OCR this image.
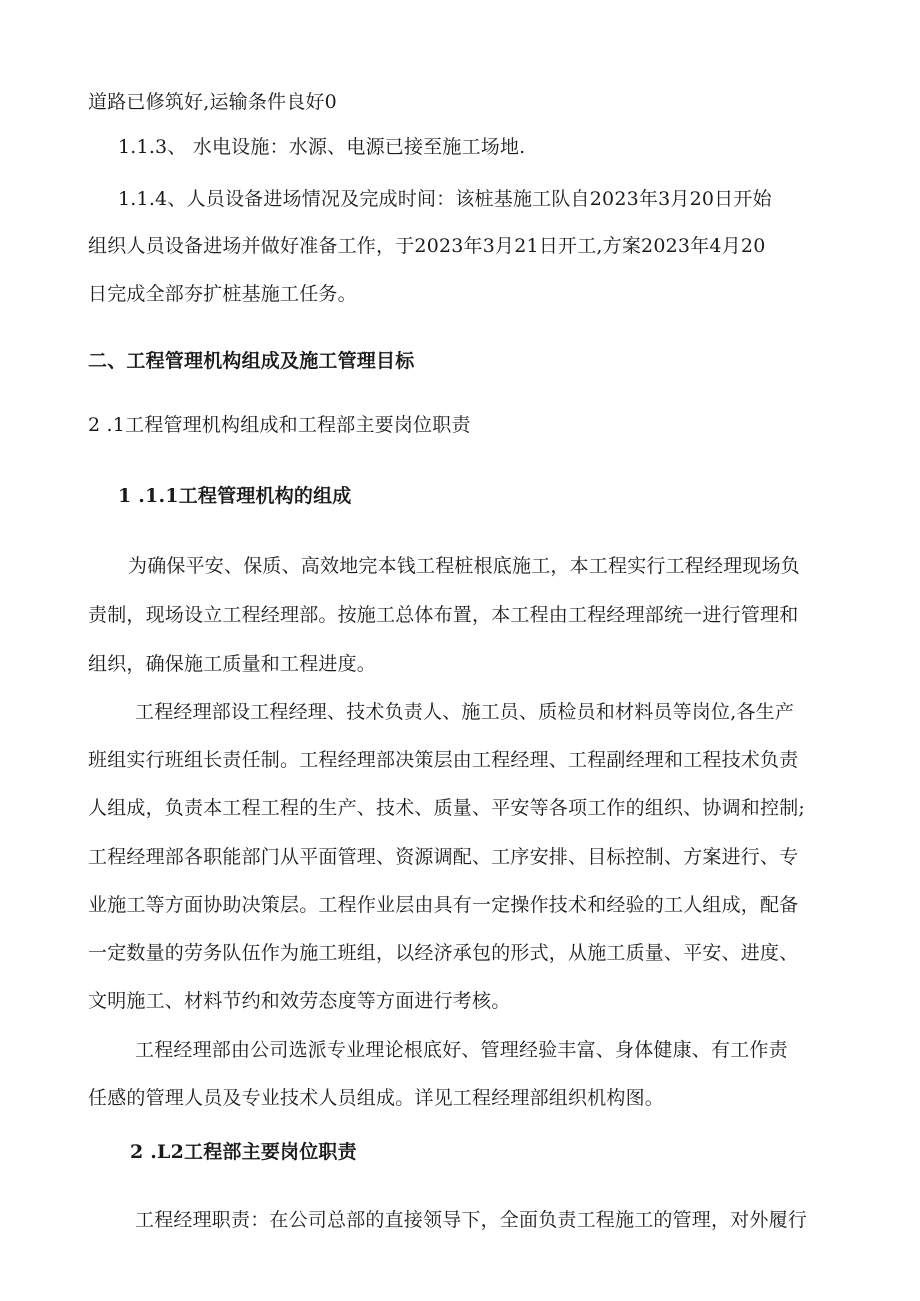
道路已修筑好,运输条件良好0
1.1.3、 水电设施：水源、电源已接至施工场地.
1.1.4、人员设备进场情况及完成时间：该桩基施工队自2023年3月20日开始
组织人员设备进场并做好准备工作，于2023年3月21日开工,方案2023年4月20
日完成全部夯扩桩基施工任务。
二、工程管理机构组成及施工管理目标
2 .1工程管理机构组成和工程部主要岗位职责
1 .1.1工程管理机构的组成
为确保平安、保质、高效地完本钱工程桩根底施工，本工程实行工程经理现场负
责制，现场设立工程经理部。按施工总体布置，本工程由工程经理部统一进行管理和
组织，确保施工质量和工程进度。
工程经理部设工程经理、技术负责人、施工员、质检员和材料员等岗位,各生产
班组实行班组长责任制。工程经理部决策层由工程经理、工程副经理和工程技术负责
人组成，负责本工程工程的生产、技术、质量、平安等各项工作的组织、协调和控制;
工程经理部各职能部门从平面管理、资源调配、工序安排、目标控制、方案进行、专
业施工等方面协助决策层。工程作业层由具有一定操作技术和经验的工人组成，配备
一定数量的劳务队伍作为施工班组，以经济承包的形式，从施工质量、平安、进度、
文明施工、材料节约和效劳态度等方面进行考核。
工程经理部由公司选派专业理论根底好、管理经验丰富、身体健康、有工作责
任感的管理人员及专业技术人员组成。详见工程经理部组织机构图。
2 .L2工程部主要岗位职责
工程经理职责：在公司总部的直接领导下，全面负责工程施工的管理，对外履行
